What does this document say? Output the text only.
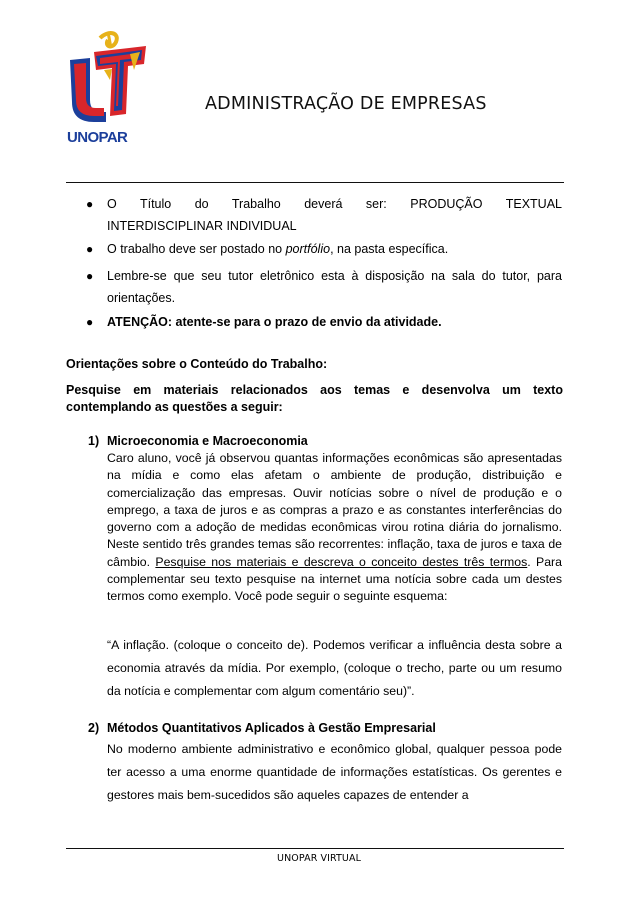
UNOPAR
ADMINISTRAÇÃO DE EMPRESAS
● O Título do Trabalho deverá ser: PRODUÇÃO TEXTUAL
INTERDISCIPLINAR INDIVIDUAL
● O trabalho deve ser postado no portfólio, na pasta específica.
● Lembre-se que seu tutor eletrônico esta à disposição na sala do tutor, para
orientações.
● ATENÇÃO: atente-se para o prazo de envio da atividade.
Orientações sobre o Conteúdo do Trabalho:
Pesquise em materiais relacionados aos temas e desenvolva um texto
contemplando as questões a seguir:
1) Microeconomia e Macroeconomia
Caro aluno, você já observou quantas informações econômicas são apresentadas na mídia e como elas afetam o ambiente de produção, distribuição e comercialização das empresas. Ouvir notícias sobre o nível de produção e o emprego, a taxa de juros e as compras a prazo e as constantes interferências do governo com a adoção de medidas econômicas virou rotina diária do jornalismo. Neste sentido três grandes temas são recorrentes: inflação, taxa de juros e taxa de câmbio. Pesquise nos materiais e descreva o conceito destes três termos. Para complementar seu texto pesquise na internet uma notícia sobre cada um destes termos como exemplo. Você pode seguir o seguinte esquema:
“A inflação. (coloque o conceito de). Podemos verificar a influência desta sobre a economia através da mídia. Por exemplo, (coloque o trecho, parte ou um resumo da notícia e complementar com algum comentário seu)”.
2) Métodos Quantitativos Aplicados à Gestão Empresarial
No moderno ambiente administrativo e econômico global, qualquer pessoa pode ter acesso a uma enorme quantidade de informações estatísticas. Os gerentes e gestores mais bem-sucedidos são aqueles capazes de entender a
UNOPAR VIRTUAL
